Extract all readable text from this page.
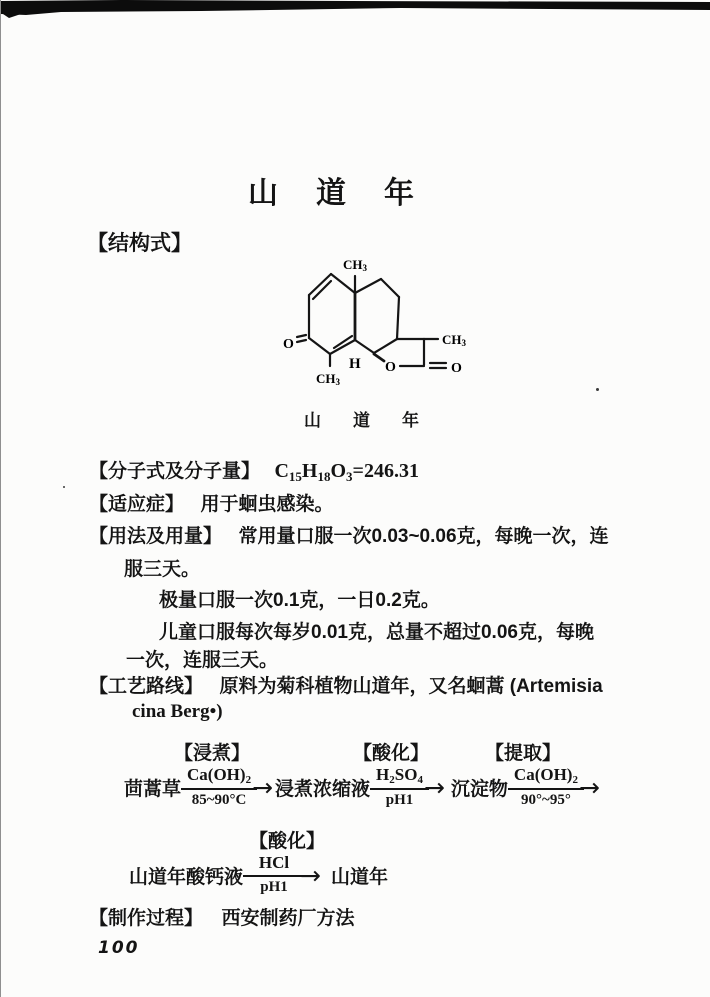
山道年
【结构式】
CH3
CH3
CH3
O
O	O
H
山道年
【分子式及分子量】 $C_{15}H_{18}O_3=246.31$
【适应症】 用于蛔虫感染。
【用法及用量】 常用量口服一次0.03~0.06克，每晚一次，连
服三天。
极量口服一次0.1克，一日0.2克。
儿童口服每次每岁0.01克，总量不超过0.06克，每晚
一次，连服三天。
【工艺路线】 原料为菊科植物山道年，又名蛔蒿 (Artemisia
cina Berg•)
【浸煮】	【酸化】	【提取】
茴蒿草 $\frac{Ca(OH)_2}{85\sim 90^\circ C}$
→ 浸煮浓缩液 $\frac{H_2SO_4}{pH1}$
→ 沉淀物 $\frac{Ca(OH)_2}{90^\circ\sim 95^\circ}$
→
【酸化】
山道年酸钙液 $\frac{\text{HCl}}{pH1}$
→ 山道年
【制作过程】 西安制药厂方法
100
